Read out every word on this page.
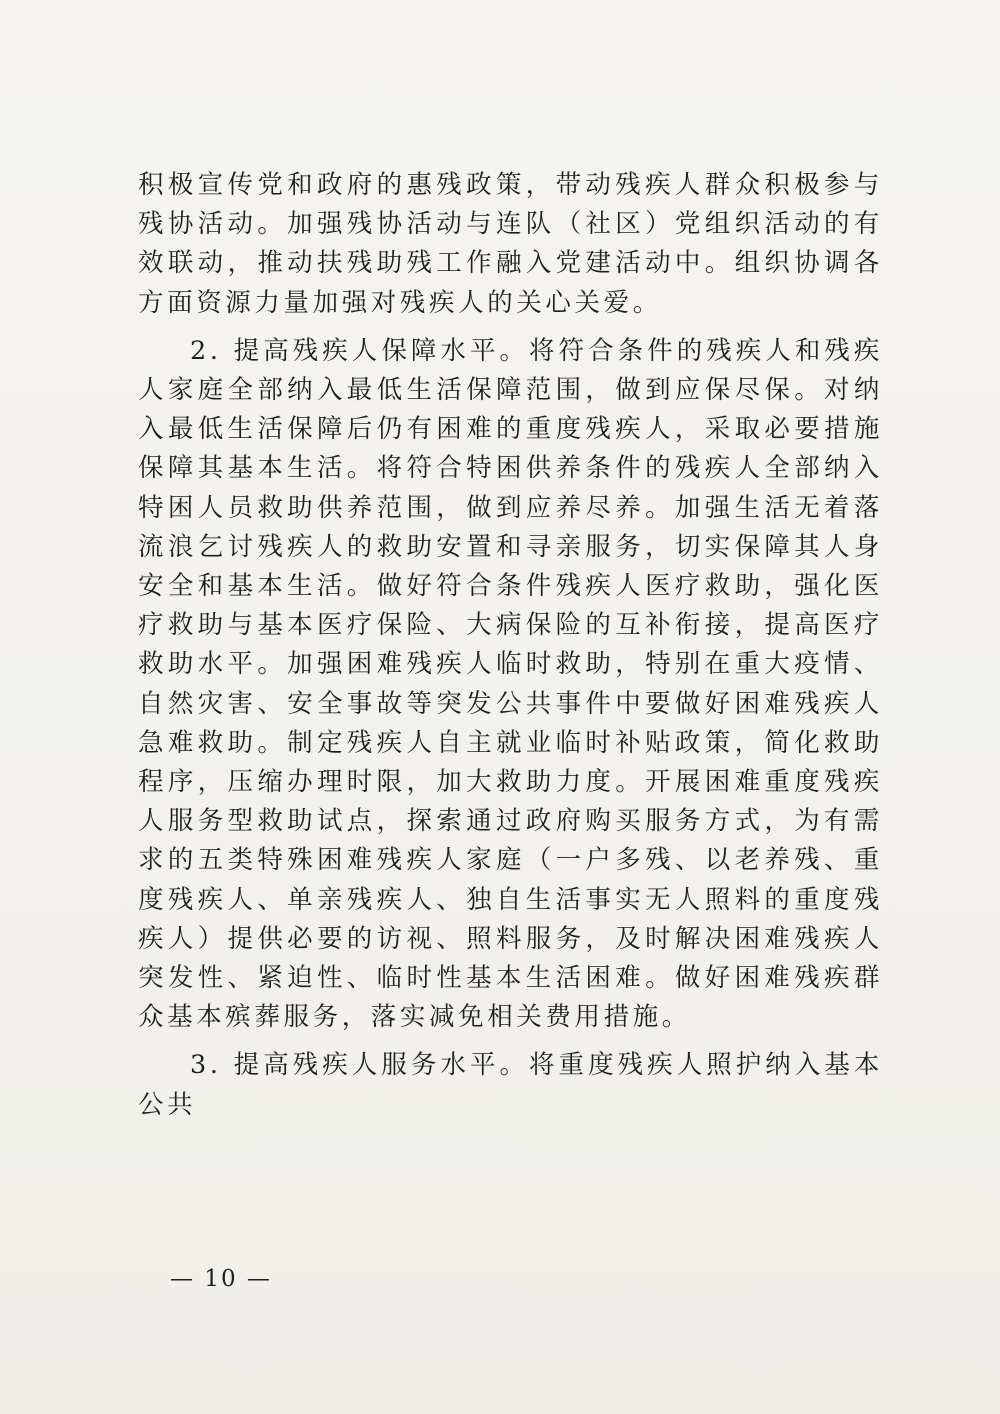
积极宣传党和政府的惠残政策，带动残疾人群众积极参与残协活动。加强残协活动与连队（社区）党组织活动的有效联动，推动扶残助残工作融入党建活动中。组织协调各方面资源力量加强对残疾人的关心关爱。

2. 提高残疾人保障水平。将符合条件的残疾人和残疾人家庭全部纳入最低生活保障范围，做到应保尽保。对纳入最低生活保障后仍有困难的重度残疾人，采取必要措施保障其基本生活。将符合特困供养条件的残疾人全部纳入特困人员救助供养范围，做到应养尽养。加强生活无着落流浪乞讨残疾人的救助安置和寻亲服务，切实保障其人身安全和基本生活。做好符合条件残疾人医疗救助，强化医疗救助与基本医疗保险、大病保险的互补衔接，提高医疗救助水平。加强困难残疾人临时救助，特别在重大疫情、自然灾害、安全事故等突发公共事件中要做好困难残疾人急难救助。制定残疾人自主就业临时补贴政策，简化救助程序，压缩办理时限，加大救助力度。开展困难重度残疾人服务型救助试点，探索通过政府购买服务方式，为有需求的五类特殊困难残疾人家庭（一户多残、以老养残、重度残疾人、单亲残疾人、独自生活事实无人照料的重度残疾人）提供必要的访视、照料服务，及时解决困难残疾人突发性、紧迫性、临时性基本生活困难。做好困难残疾群众基本殡葬服务，落实减免相关费用措施。

3. 提高残疾人服务水平。将重度残疾人照护纳入基本公共

— 10 —
